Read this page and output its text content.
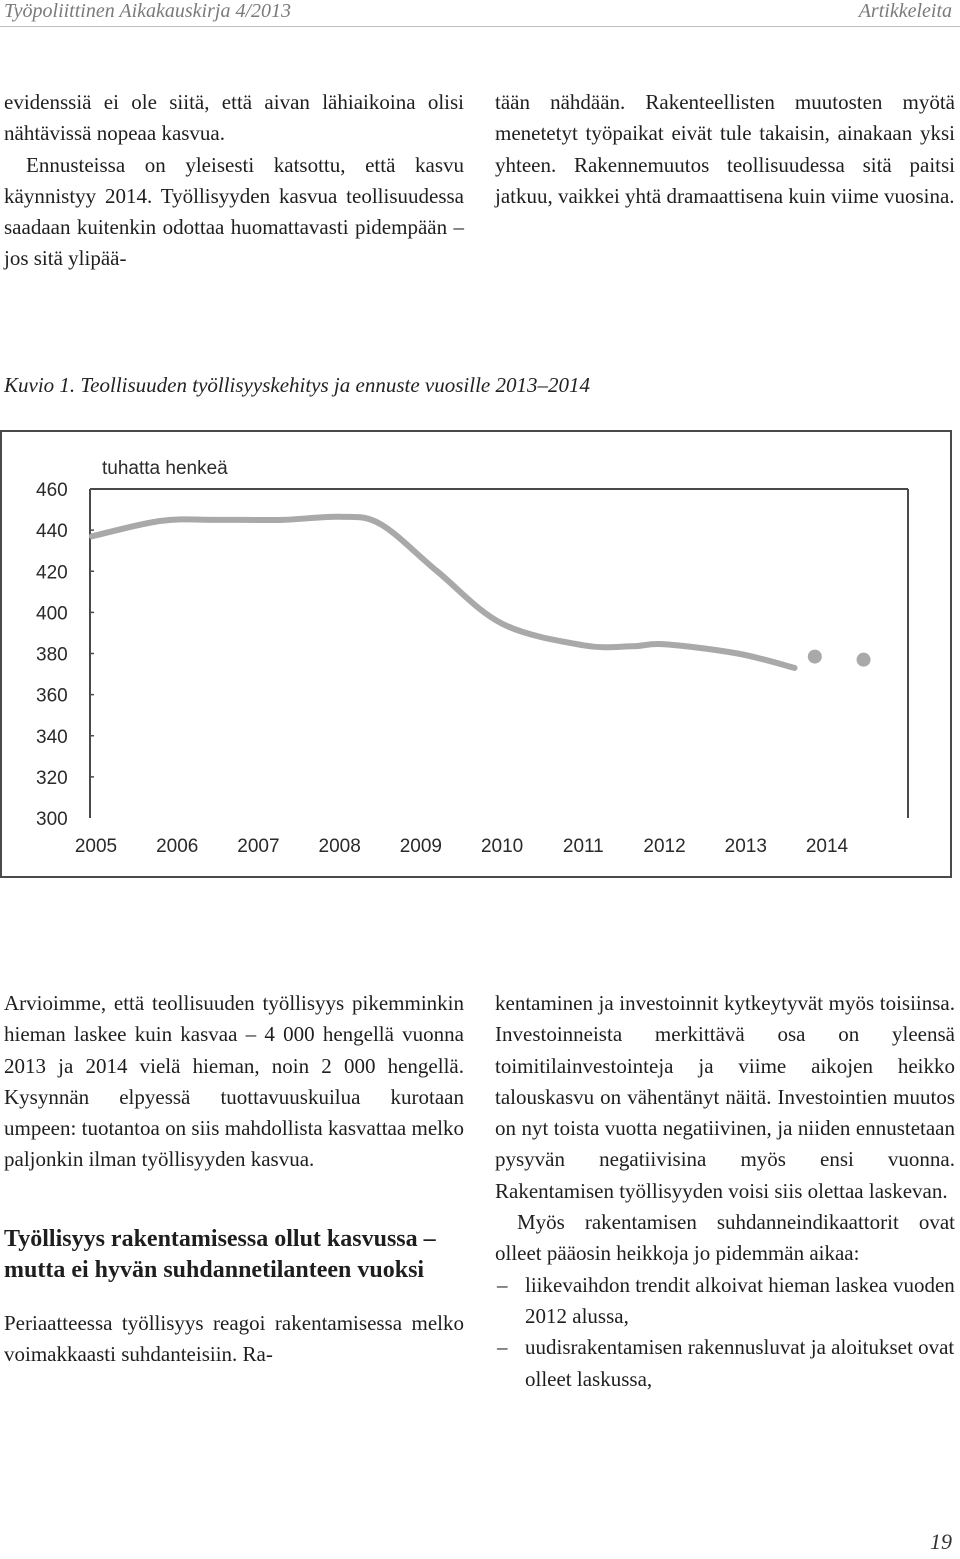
Työpoliittinen Aikakauskirja 4/2013	Artikkeleita

evidenssiä ei ole siitä, että aivan lähiaikoina olisi nähtävissä nopeaa kasvua.

Ennusteissa on yleisesti katsottu, että kasvu käynnistyy 2014. Työllisyyden kasvua teollisuudessa saadaan kuitenkin odottaa huomattavasti pidempään – jos sitä ylipää-

tään nähdään. Rakenteellisten muutosten myötä menetetyt työpaikat eivät tule takaisin, ainakaan yksi yhteen. Rakennemuutos teollisuudessa sitä paitsi jatkuu, vaikkei yhtä dramaattisena kuin viime vuosina.

Kuvio 1. Teollisuuden työllisyyskehitys ja ennuste vuosille 2013–2014
300
320
340
360
380
400
420
440
460
2005 2006 2007 2008 2009 2010 2011 2012 2013 2014
tuhatta henkeä

Arvioimme, että teollisuuden työllisyys pikemminkin hieman laskee kuin kasvaa – 4 000 hengellä vuonna 2013 ja 2014 vielä hieman, noin 2 000 hengellä. Kysynnän elpyessä tuottavuuskuilua kurotaan umpeen: tuotantoa on siis mahdollista kasvattaa melko paljonkin ilman työllisyyden kasvua.

Työllisyys rakentamisessa ollut kasvussa – mutta ei hyvän suhdannetilanteen vuoksi

Periaatteessa työllisyys reagoi rakentamisessa melko voimakkaasti suhdanteisiin. Ra-

kentaminen ja investoinnit kytkeytyvät myös toisiinsa. Investoinneista merkittävä osa on yleensä toimitilainvestointeja ja viime aikojen heikko talouskasvu on vähentänyt näitä. Investointien muutos on nyt toista vuotta negatiivinen, ja niiden ennustetaan pysyvän negatiivisina myös ensi vuonna. Rakentamisen työllisyyden voisi siis olettaa laskevan.

Myös rakentamisen suhdanneindikaattorit ovat olleet pääosin heikkoja jo pidemmän aikaa:

– liikevaihdon trendit alkoivat hieman laskea vuoden 2012 alussa,
– uudisrakentamisen rakennusluvat ja aloitukset ovat olleet laskussa,
19
